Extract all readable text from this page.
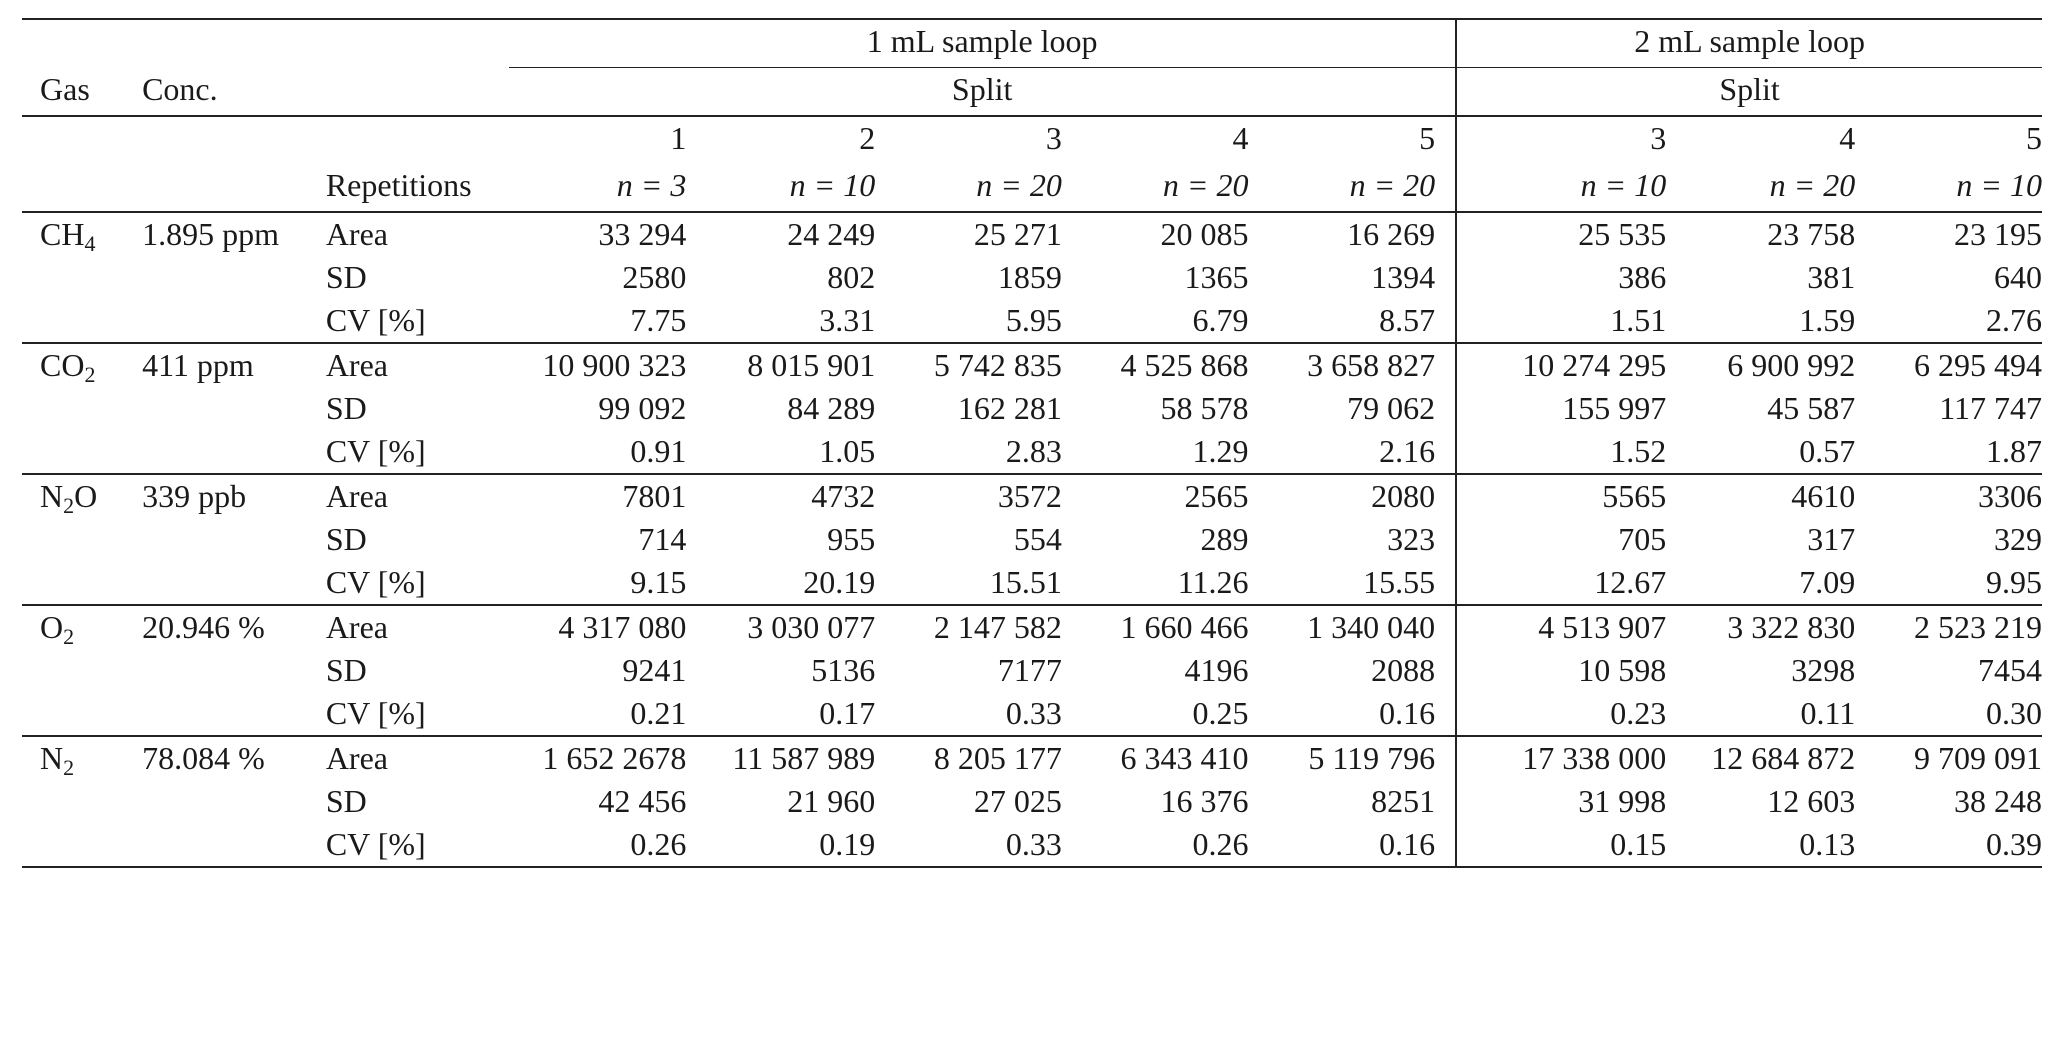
			1 mL sample loop					2 mL sample loop		
Gas	Conc.		Split					Split		
			1	2	3	4	5	3	4	5
		Repetitions	n = 3	n = 10	n = 20	n = 20	n = 20	n = 10	n = 20	n = 10
$CH_4$	1.895 ppm	Area	33 294	24 249	25 271	20 085	16 269	25 535	23 758	23 195
		SD	2580	802	1859	1365	1394	386	381	640
		CV [%]	7.75	3.31	5.95	6.79	8.57	1.51	1.59	2.76
$CO_2$	411 ppm	Area	10 900 323	8 015 901	5 742 835	4 525 868	3 658 827	10 274 295	6 900 992	6 295 494
		SD	99 092	84 289	162 281	58 578	79 062	155 997	45 587	117 747
		CV [%]	0.91	1.05	2.83	1.29	2.16	1.52	0.57	1.87
$N_2O$	339 ppb	Area	7801	4732	3572	2565	2080	5565	4610	3306
		SD	714	955	554	289	323	705	317	329
		CV [%]	9.15	20.19	15.51	11.26	15.55	12.67	7.09	9.95
$O_2$	20.946 %	Area	4 317 080	3 030 077	2 147 582	1 660 466	1 340 040	4 513 907	3 322 830	2 523 219
		SD	9241	5136	7177	4196	2088	10 598	3298	7454
		CV [%]	0.21	0.17	0.33	0.25	0.16	0.23	0.11	0.30
$N_2$	78.084 %	Area	1 652 2678	11 587 989	8 205 177	6 343 410	5 119 796	17 338 000	12 684 872	9 709 091
		SD	42 456	21 960	27 025	16 376	8251	31 998	12 603	38 248
		CV [%]	0.26	0.19	0.33	0.26	0.16	0.15	0.13	0.39
